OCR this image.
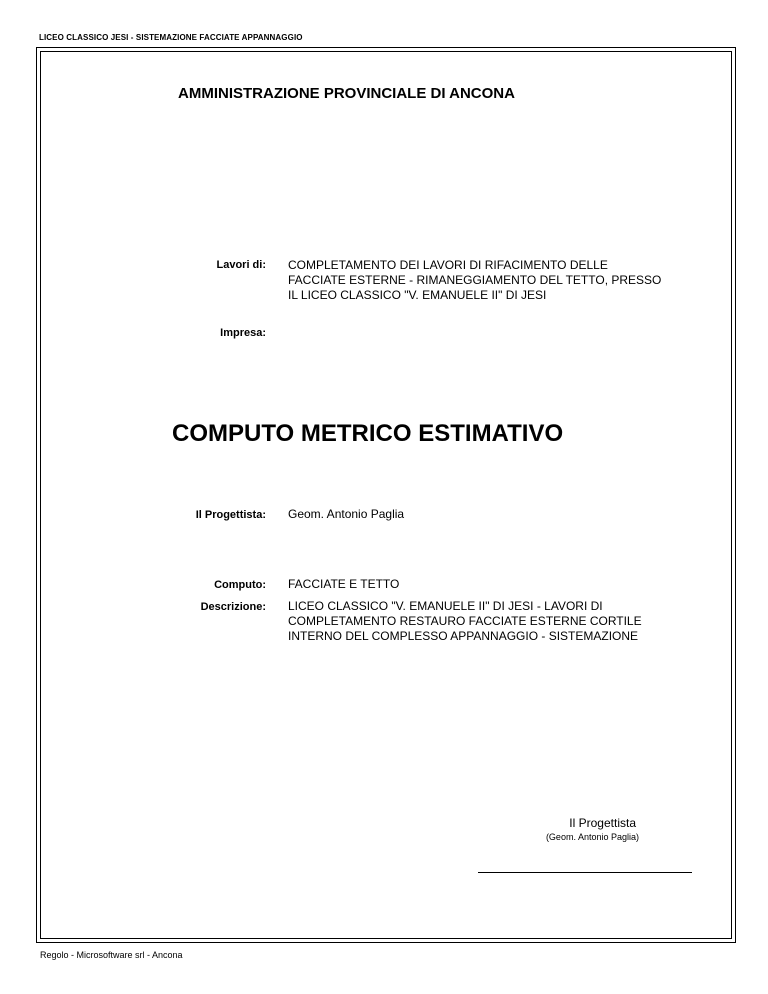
LICEO CLASSICO JESI - SISTEMAZIONE FACCIATE APPANNAGGIO
AMMINISTRAZIONE PROVINCIALE DI ANCONA
Lavori di: COMPLETAMENTO DEI LAVORI DI RIFACIMENTO DELLE
FACCIATE ESTERNE - RIMANEGGIAMENTO DEL TETTO, PRESSO
IL LICEO CLASSICO "V. EMANUELE II" DI JESI
Impresa:
COMPUTO METRICO ESTIMATIVO
Il Progettista: Geom. Antonio Paglia
Computo: FACCIATE E TETTO
Descrizione: LICEO CLASSICO "V. EMANUELE II" DI JESI - LAVORI DI
COMPLETAMENTO RESTAURO FACCIATE ESTERNE CORTILE
INTERNO DEL COMPLESSO APPANNAGGIO - SISTEMAZIONE
Il Progettista
(Geom. Antonio Paglia)
Regolo - Microsoftware srl - Ancona
